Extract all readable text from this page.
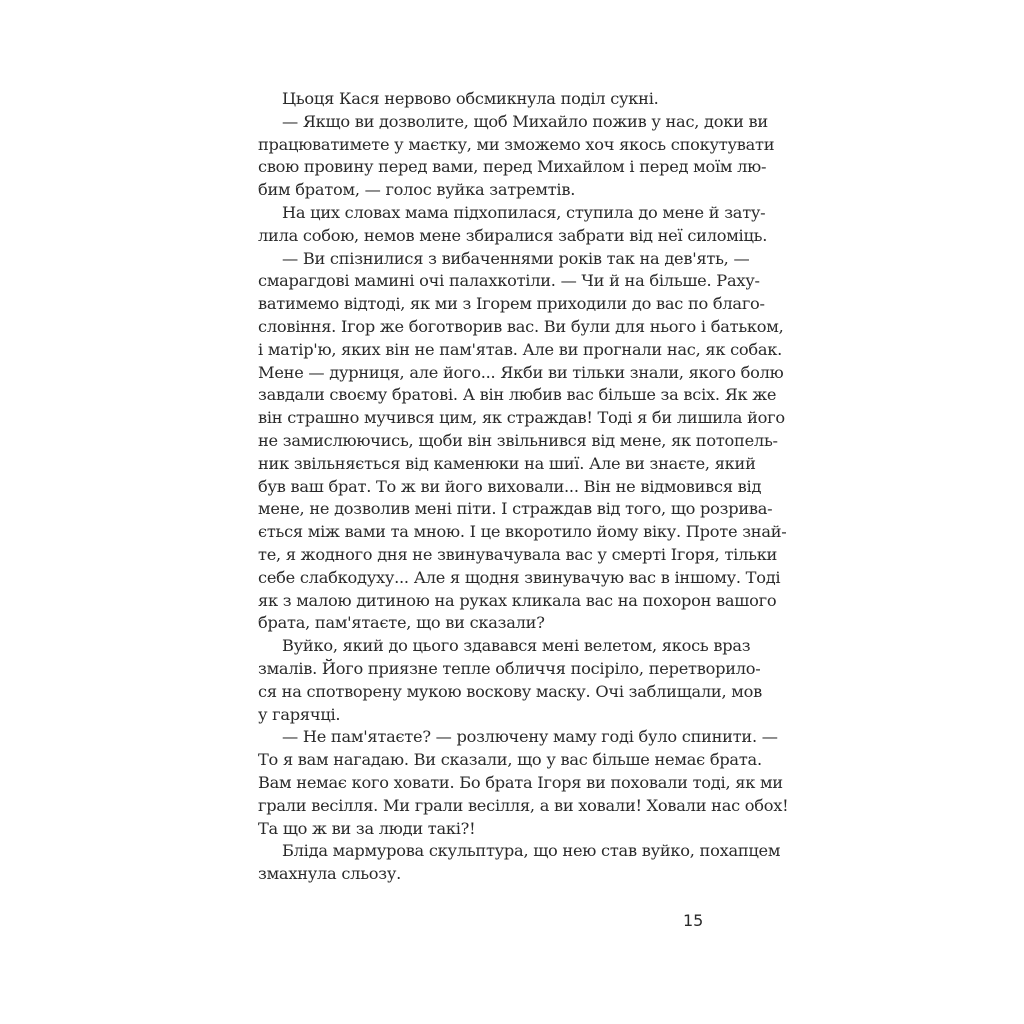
Цьоця Кася нервово обсмикнула поділ сукні.
— Якщо ви дозволите, щоб Михайло пожив у нас, доки ви
працюватимете у маєтку, ми зможемо хоч якось спокутувати
свою провину перед вами, перед Михайлом і перед моїм лю-
бим братом, — голос вуйка затремтів.
На цих словах мама підхопилася, ступила до мене й зату-
лила собою, немов мене збиралися забрати від неї силоміць.
— Ви спізнилися з вибаченнями років так на дев'ять, —
смарагдові мамині очі палахкотіли. — Чи й на більше. Раху-
ватимемо відтоді, як ми з Ігорем приходили до вас по благо-
словіння. Ігор же боготворив вас. Ви були для нього і батьком,
і матір'ю, яких він не пам'ятав. Але ви прогнали нас, як собак.
Мене — дурниця, але його... Якби ви тільки знали, якого болю
завдали своєму братові. А він любив вас більше за всіх. Як же
він страшно мучився цим, як страждав! Тоді я би лишила його
не замислюючись, щоби він звільнився від мене, як потопель-
ник звільняється від каменюки на шиї. Але ви знаєте, який
був ваш брат. То ж ви його виховали... Він не відмовився від
мене, не дозволив мені піти. І страждав від того, що розрива-
ється між вами та мною. І це вкоротило йому віку. Проте знай-
те, я жодного дня не звинувачувала вас у смерті Ігоря, тільки
себе слабкодуху... Але я щодня звинувачую вас в іншому. Тоді
як з малою дитиною на руках кликала вас на похорон вашого
брата, пам'ятаєте, що ви сказали?
Вуйко, який до цього здавався мені велетом, якось враз
змалів. Його приязне тепле обличчя посіріло, перетворило-
ся на спотворену мукою воскову маску. Очі заблищали, мов
у гарячці.
— Не пам'ятаєте? — розлючену маму годі було спинити. —
То я вам нагадаю. Ви сказали, що у вас більше немає брата.
Вам немає кого ховати. Бо брата Ігоря ви поховали тоді, як ми
грали весілля. Ми грали весілля, а ви ховали! Ховали нас обох!
Та що ж ви за люди такі?!
Бліда мармурова скульптура, що нею став вуйко, похапцем
змахнула сльозу.
15
